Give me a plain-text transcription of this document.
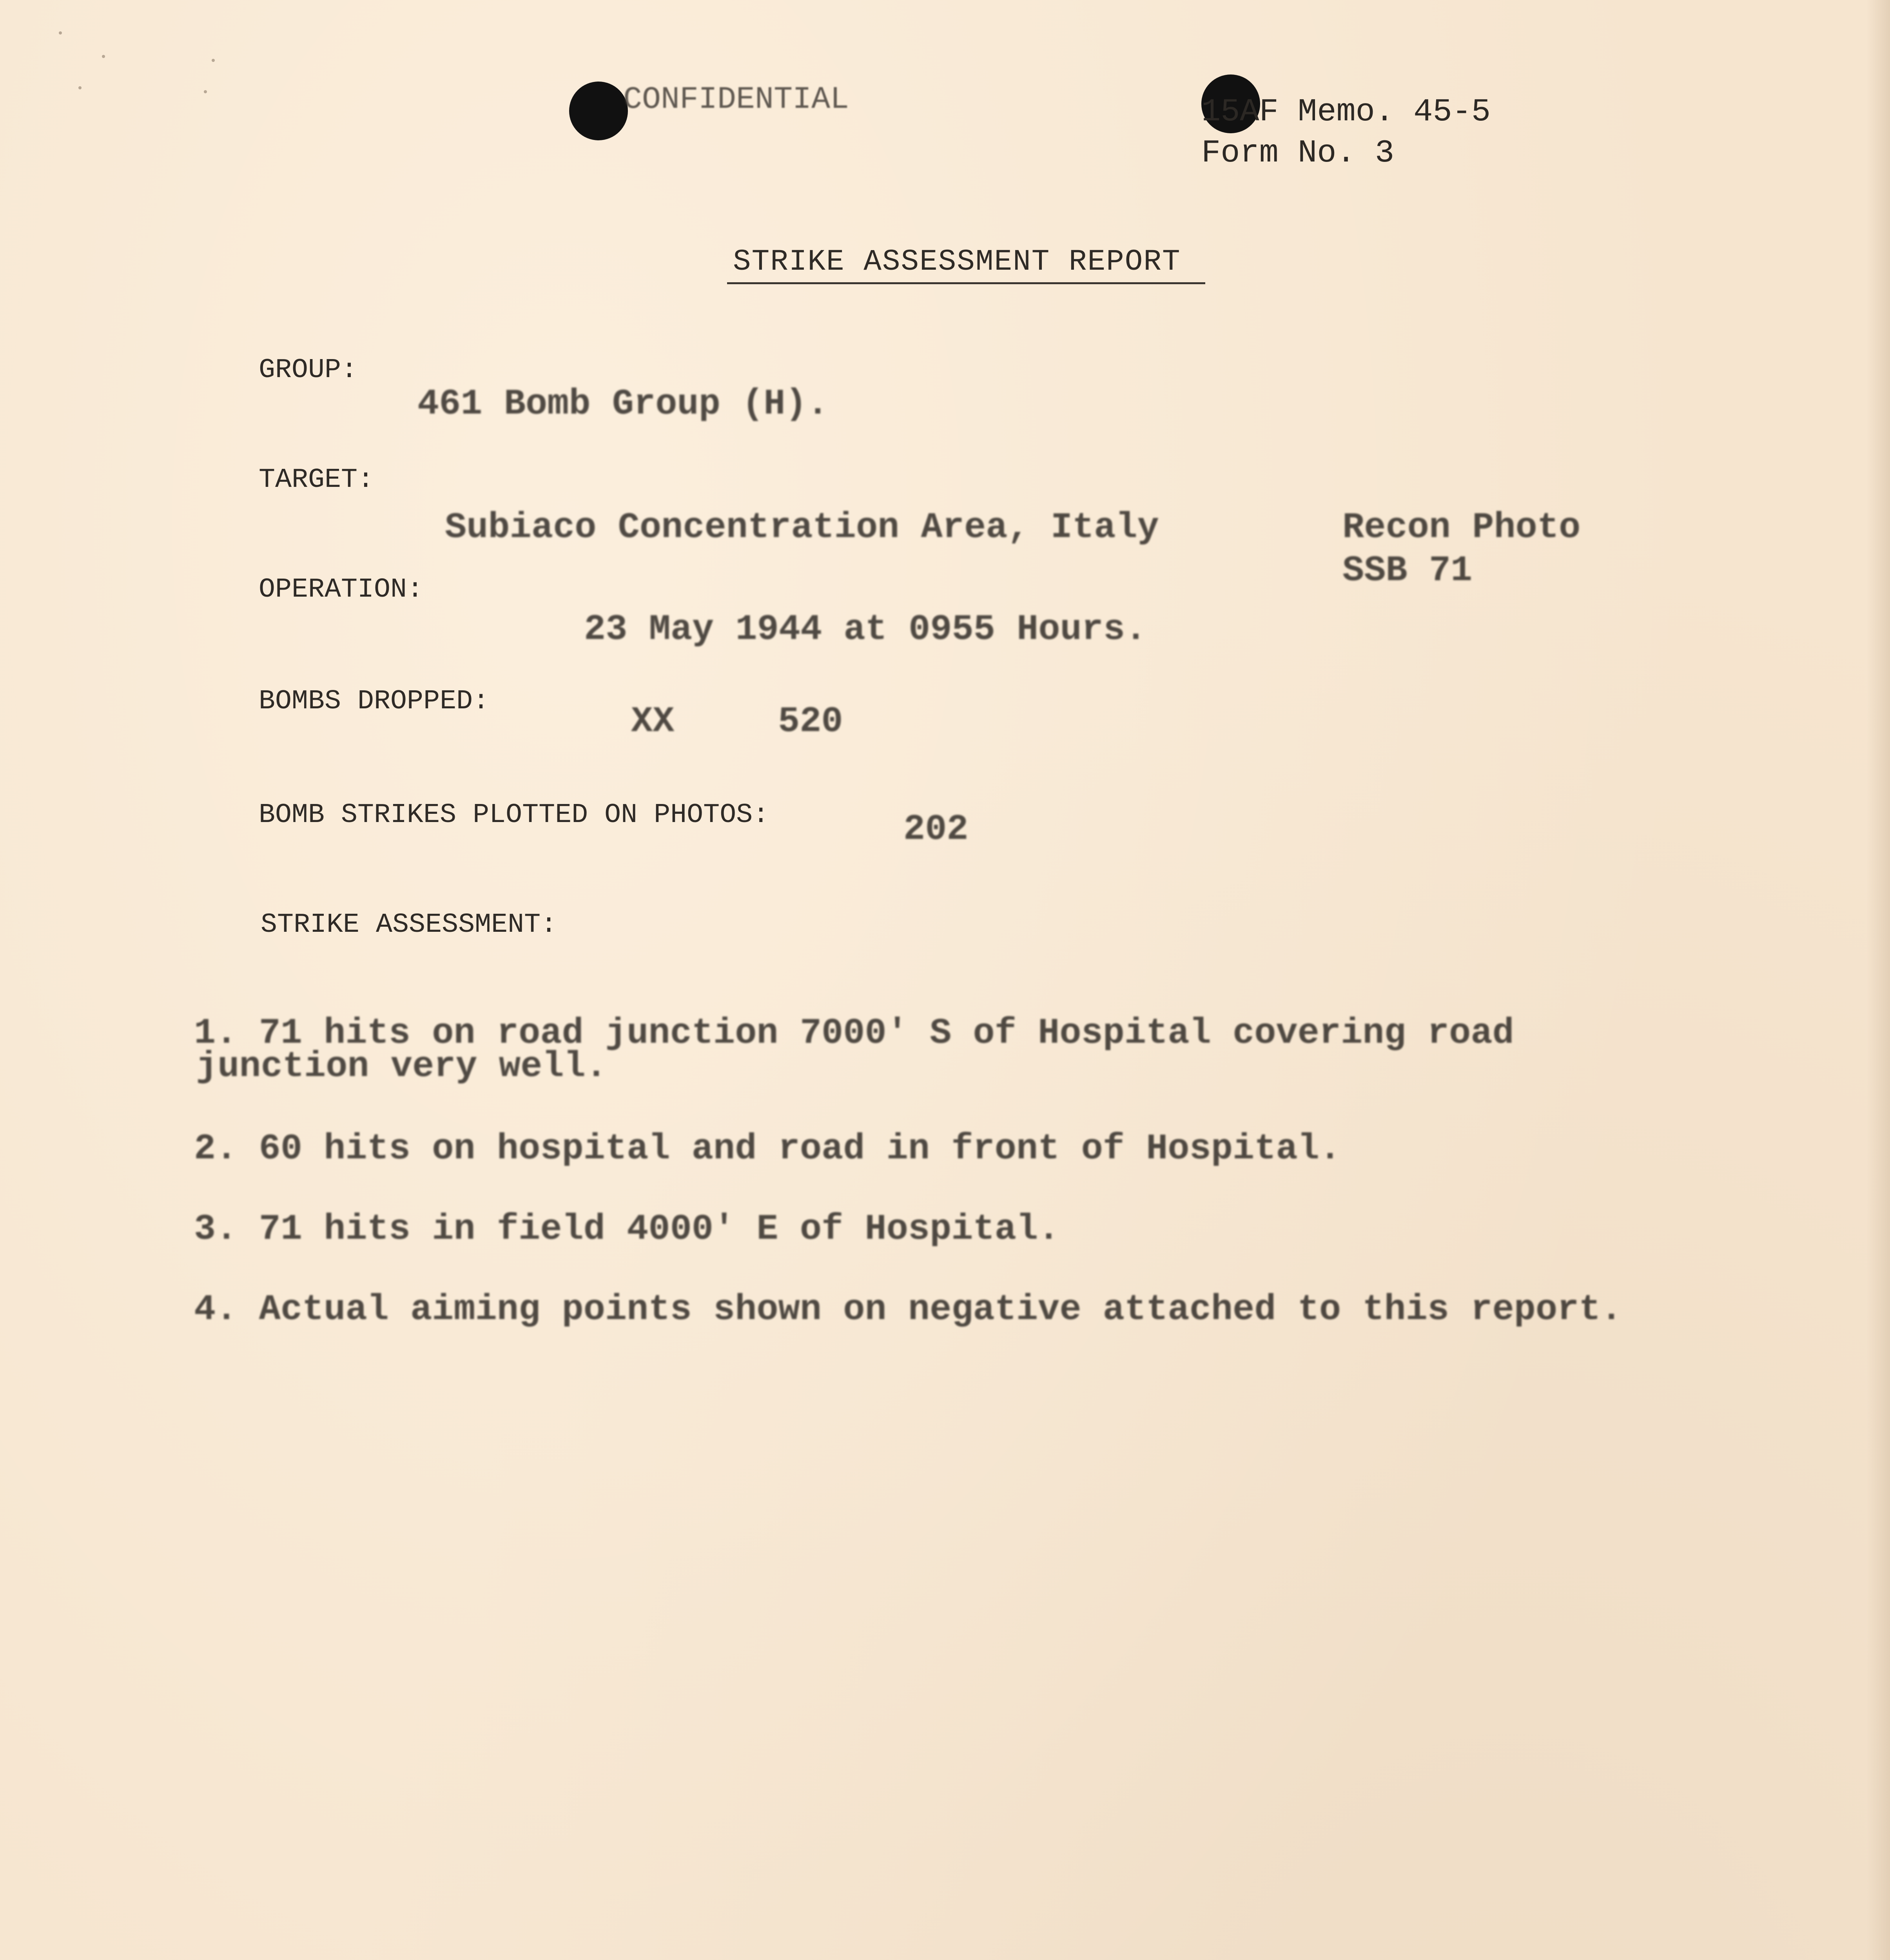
CONFIDENTIAL	15AF Memo. 45-5
Form No. 3
STRIKE ASSESSMENT REPORT
GROUP:
461 Bomb Group (H).
TARGET:
Subiaco Concentration Area, Italy	Recon Photo
SSB 71
OPERATION:
23 May 1944 at 0955 Hours.
BOMBS DROPPED:	XX	520
BOMB STRIKES PLOTTED ON PHOTOS:	202
STRIKE ASSESSMENT:
1. 71 hits on road junction 7000' S of Hospital covering road
junction very well.
2. 60 hits on hospital and road in front of Hospital.
3. 71 hits in field 4000' E of Hospital.
4. Actual aiming points shown on negative attached to this report.
